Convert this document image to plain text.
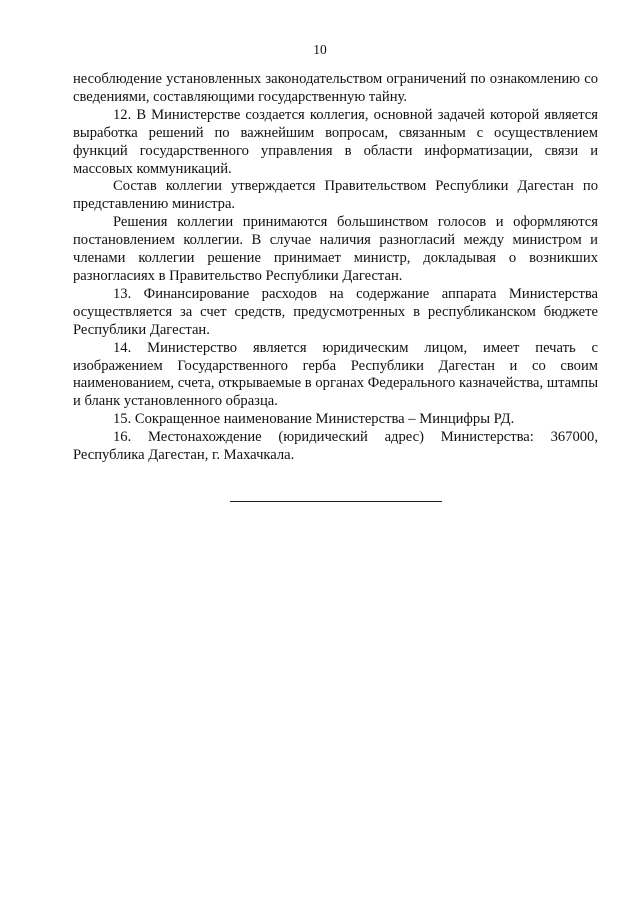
10

несоблюдение установленных законодательством ограничений по ознакомлению со сведениями, составляющими государственную тайну.

12. В Министерстве создается коллегия, основной задачей которой является выработка решений по важнейшим вопросам, связанным с осуществлением функций государственного управления в области информатизации, связи и массовых коммуникаций.

Состав коллегии утверждается Правительством Республики Дагестан по представлению министра.

Решения коллегии принимаются большинством голосов и оформляются постановлением коллегии. В случае наличия разногласий между министром и членами коллегии решение принимает министр, докладывая о возникших разногласиях в Правительство Республики Дагестан.

13. Финансирование расходов на содержание аппарата Министерства осуществляется за счет средств, предусмотренных в республиканском бюджете Республики Дагестан.

14. Министерство является юридическим лицом, имеет печать с изображением Государственного герба Республики Дагестан и со своим наименованием, счета, открываемые в органах Федерального казначейства, штампы и бланк установленного образца.

15. Сокращенное наименование Министерства – Минцифры РД.

16. Местонахождение (юридический адрес) Министерства: 367000, Республика Дагестан, г. Махачкала.
